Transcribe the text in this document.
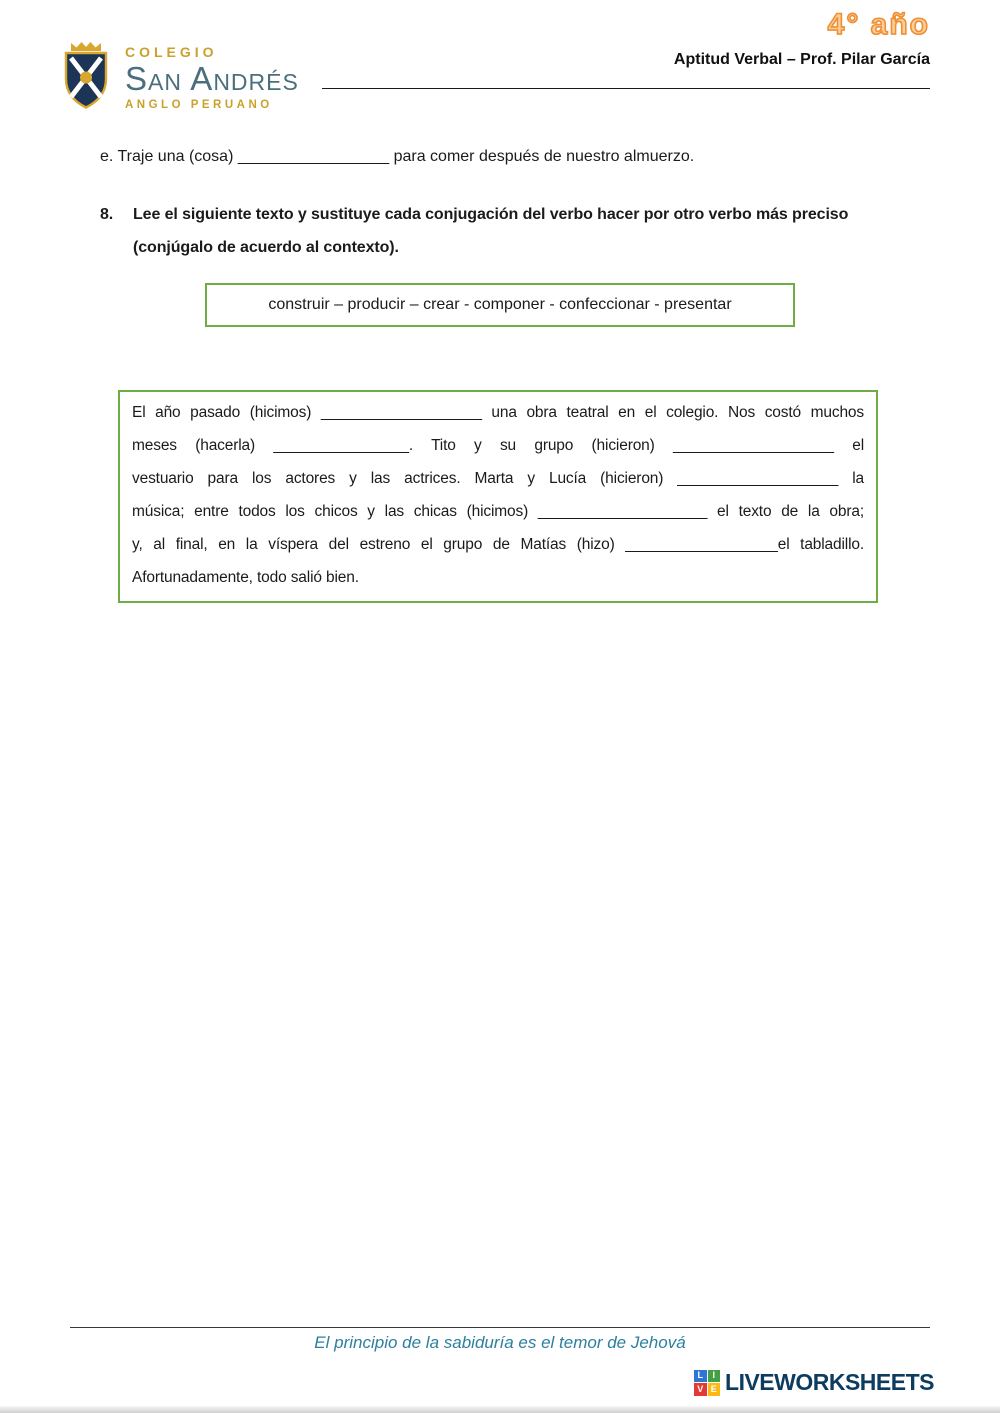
COLEGIO
San Andrés
ANGLO PERUANO
4° año
Aptitud Verbal – Prof. Pilar García
e. Traje una (cosa) _________________ para comer después de nuestro almuerzo.
8.	Lee el siguiente texto y sustituye cada conjugación del verbo hacer por otro verbo más preciso
(conjúgalo de acuerdo al contexto).
construir – producir – crear - componer - confeccionar - presentar
El año pasado (hicimos) ___________________ una obra teatral en el colegio. Nos costó muchos
meses (hacerla) ________________. Tito y su grupo (hicieron) ___________________ el
vestuario para los actores y las actrices. Marta y Lucía (hicieron) ___________________ la
música; entre todos los chicos y las chicas (hicimos) ____________________ el texto de la obra;
y, al final, en la víspera del estreno el grupo de Matías (hizo) __________________el tabladillo.
Afortunadamente, todo salió bien.
El principio de la sabiduría es el temor de Jehová
L	I
V E LIVEWORKSHEETS
